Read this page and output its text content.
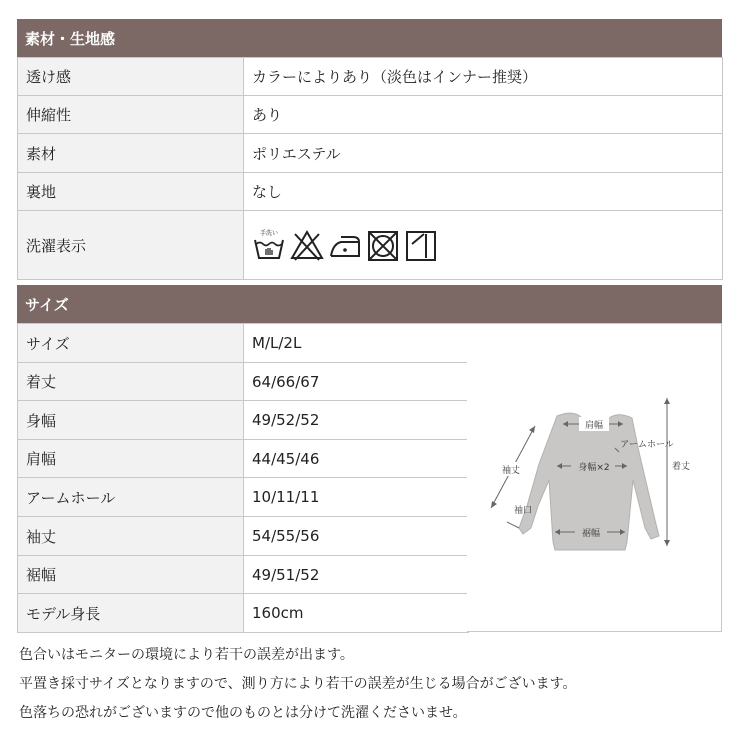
素材・生地感
透け感	カラーによりあり（淡色はインナー推奨）
伸縮性	あり
素材	ポリエステル
裏地	なし
洗濯表示	手洗い
サイズ
サイズ	M/L/2L
着丈	64/66/67
身幅	49/52/52
肩幅	44/45/46
アームホール	10/11/11
袖丈	54/55/56
裾幅	49/51/52
モデル身長	160cm
肩幅
アームホール
身幅×2
袖丈
袖口
裾幅
着丈
色合いはモニターの環境により若干の誤差が出ます。
平置き採寸サイズとなりますので、測り方により若干の誤差が生じる場合がございます。
色落ちの恐れがございますので他のものとは分けて洗濯くださいませ。
